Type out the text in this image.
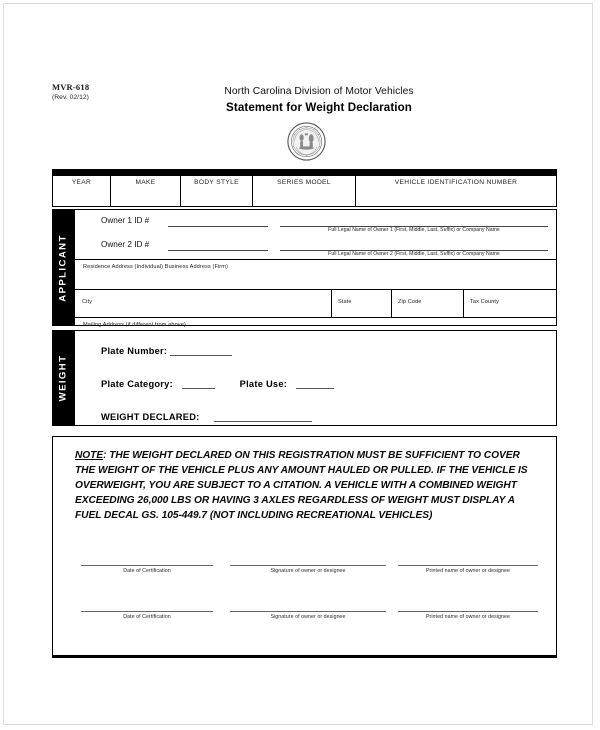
MVR-618
(Rev. 02/12)
North Carolina Division of Motor Vehicles
Statement for Weight Declaration
YEAR	MAKE	BODY STYLE	SERIES MODEL	VEHICLE IDENTIFICATION NUMBER
APPLICANT
Owner 1 ID #
Full Legal Name of Owner 1 (First, Middle, Last, Suffix) or Company Name
Owner 2 ID #
Full Legal Name of Owner 2 (First, Middle, Last, Suffix) or Company Name
Residence Address (Individual) Business Address (Firm)
City	State	Zip Code	Tax County
Mailing Address (if different from above)
WEIGHT
Plate Number:
Plate Category:	Plate Use:
WEIGHT DECLARED:
NOTE: THE WEIGHT DECLARED ON THIS REGISTRATION MUST BE SUFFICIENT TO COVER THE WEIGHT OF THE VEHICLE PLUS ANY AMOUNT HAULED OR PULLED. IF THE VEHICLE IS OVERWEIGHT, YOU ARE SUBJECT TO A CITATION. A VEHICLE WITH A COMBINED WEIGHT EXCEEDING 26,000 LBS OR HAVING 3 AXLES REGARDLESS OF WEIGHT MUST DISPLAY A FUEL DECAL GS. 105-449.7 (NOT INCLUDING RECREATIONAL VEHICLES)
Date of Certification	Signature of owner or designee	Printed name of owner or designee
Date of Certification	Signature of owner or designee	Printed name of owner or designee
